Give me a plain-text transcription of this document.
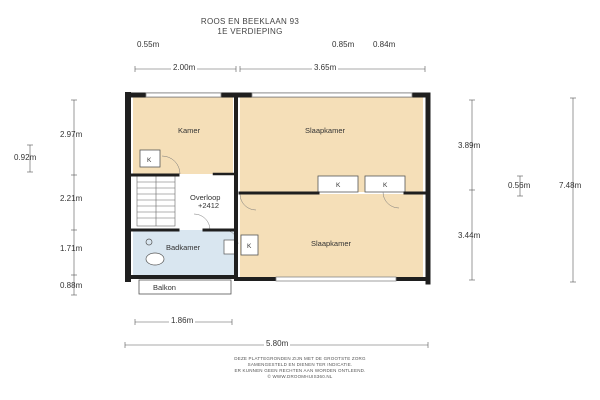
ROOS EN BEEKLAAN 93
1E VERDIEPING
K
K	K
K
Kamer	Slaapkamer
Overloop
+2412
Badkamer	Slaapkamer
Balkon
0.55m	0.85m 0.84m
2.00m	3.65m
2.97m
0.92m
2.21m
1.71m
0.88m
3.89m
3.44m
0.56m	7.48m
1.86m
5.80m
DEZE PLATTEGRONDEN ZIJN MET DE GROOTSTE ZORG
SAMENGESTELD EN DIENEN TER INDICATIE.
ER KUNNEN GEEN RECHTEN AAN WORDEN ONTLEEND.
© WWW.DROOMHUIS360.NL
